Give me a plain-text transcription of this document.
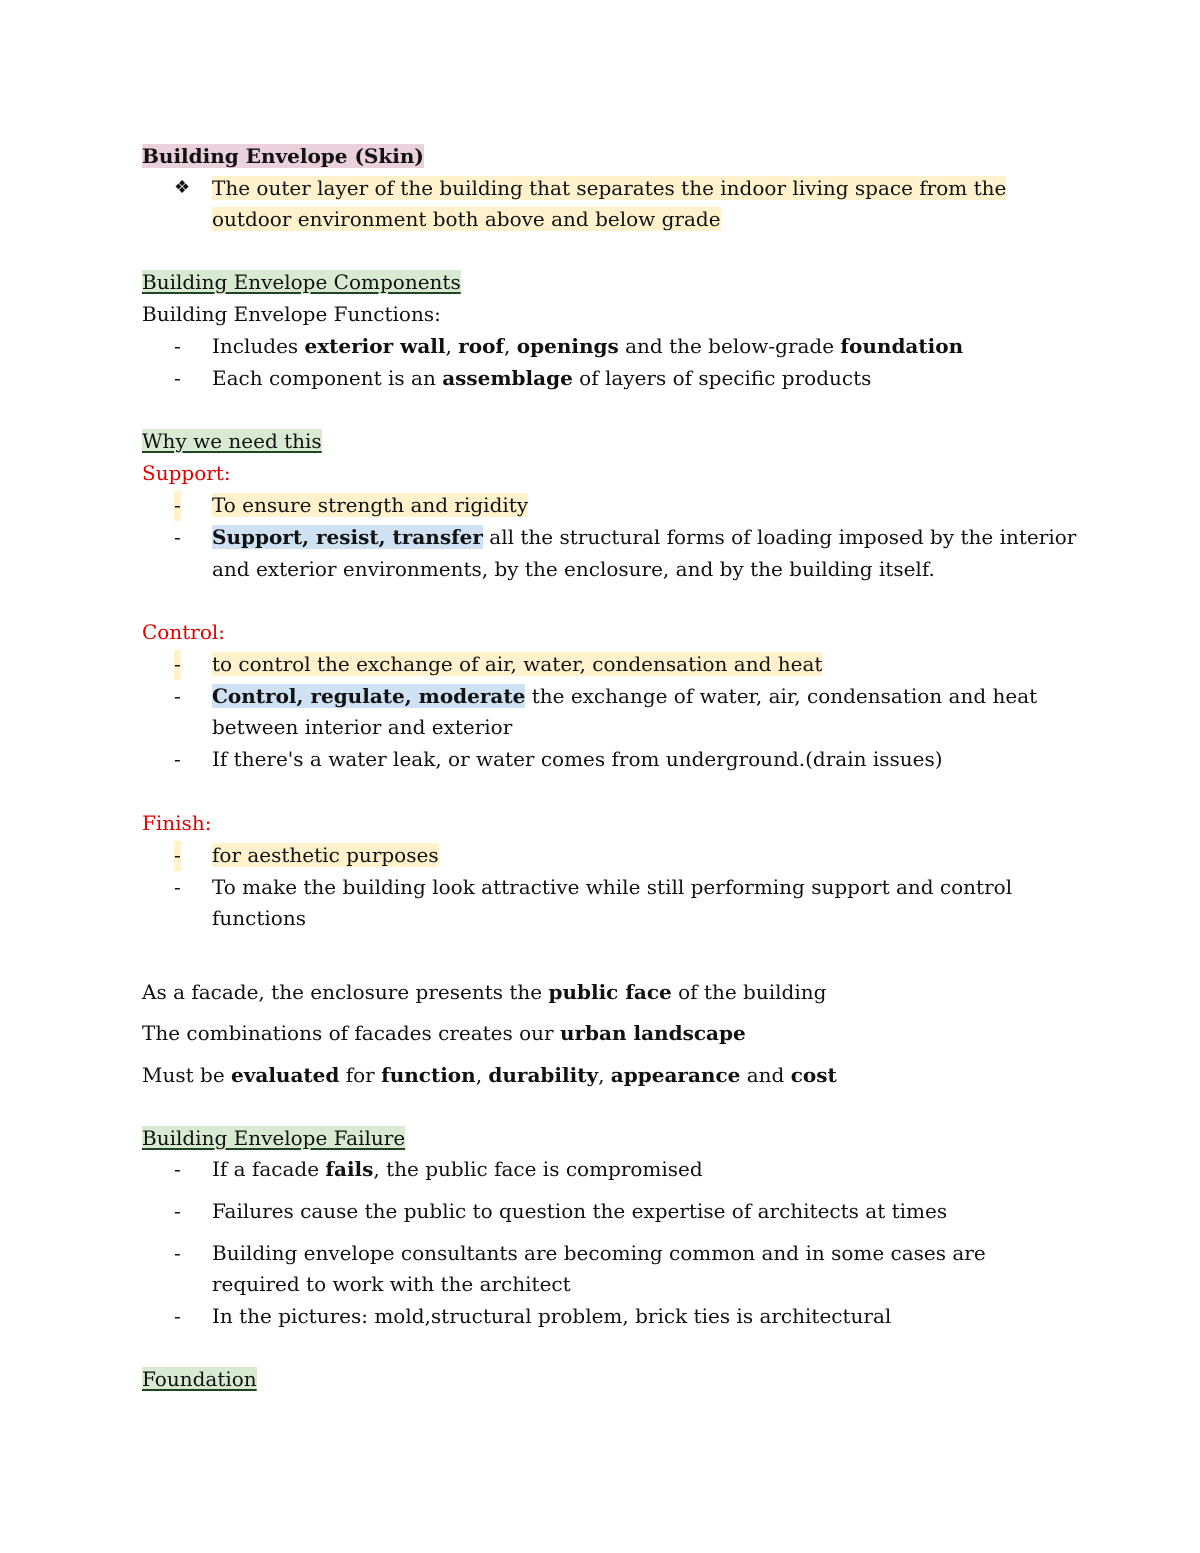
Building Envelope (Skin)
❖ The outer layer of the building that separates the indoor living space from the
outdoor environment both above and below grade
Building Envelope Components
Building Envelope Functions:
- Includes exterior wall, roof, openings and the below-grade foundation
- Each component is an assemblage of layers of specific products
Why we need this
Support:
- To ensure strength and rigidity
- Support, resist, transfer all the structural forms of loading imposed by the interior
and exterior environments, by the enclosure, and by the building itself.
Control:
- to control the exchange of air, water, condensation and heat
- Control, regulate, moderate the exchange of water, air, condensation and heat
between interior and exterior
- If there's a water leak, or water comes from underground.(drain issues)
Finish:
- for aesthetic purposes
- To make the building look attractive while still performing support and control
functions
As a facade, the enclosure presents the public face of the building
The combinations of facades creates our urban landscape
Must be evaluated for function, durability, appearance and cost
Building Envelope Failure
- If a facade fails, the public face is compromised
- Failures cause the public to question the expertise of architects at times
- Building envelope consultants are becoming common and in some cases are
required to work with the architect
- In the pictures: mold,structural problem, brick ties is architectural
Foundation
